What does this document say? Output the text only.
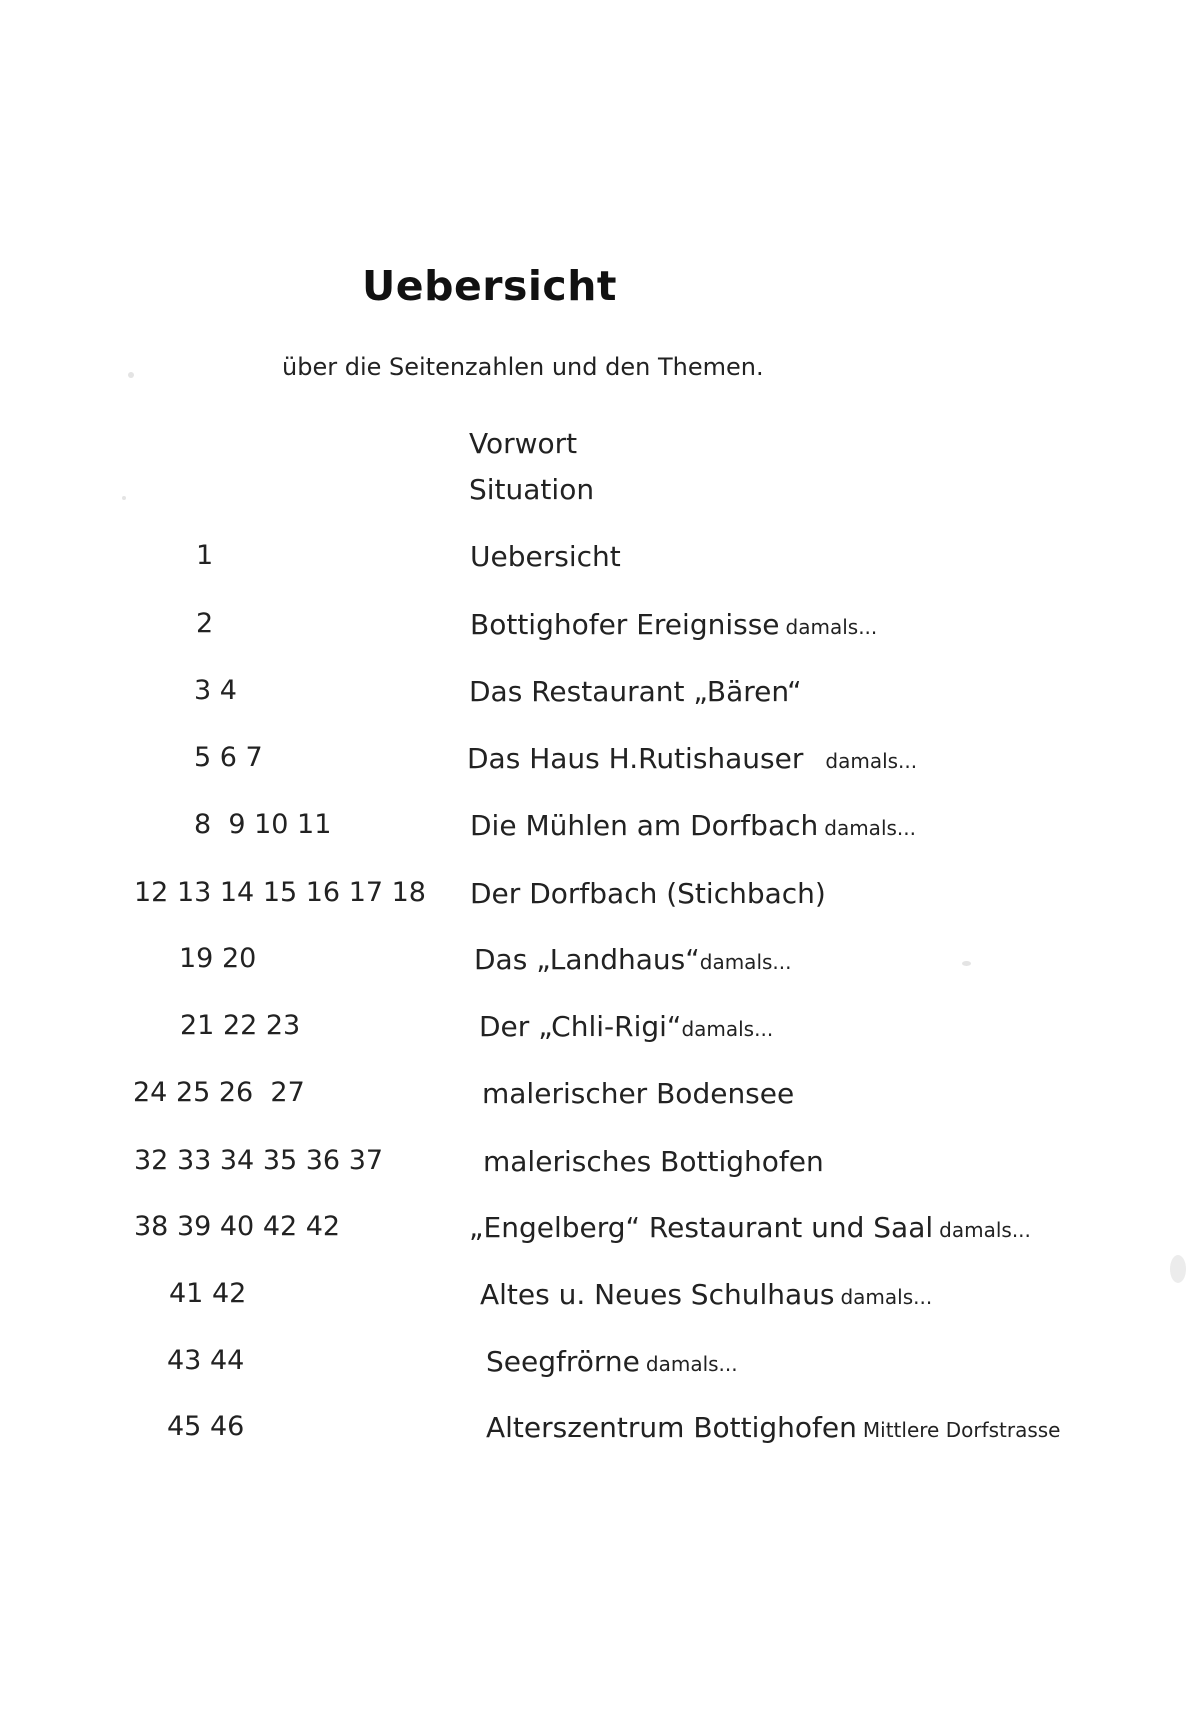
Uebersicht
über die Seitenzahlen und den Themen.
Vorwort
Situation
1	Uebersicht
2	Bottighofer Ereignisse damals...
3 4	Das Restaurant „Bären“
5 6 7	Das Haus H.Rutishauser damals...
8  9 10 11	Die Mühlen am Dorfbach damals...
12 13 14 15 16 17 18 Der Dorfbach (Stichbach)
19 20	Das „Landhaus“damals...
21 22 23	Der „Chli-Rigi“damals...
24 25 26  27	malerischer Bodensee
32 33 34 35 36 37	malerisches Bottighofen
38 39 40 42 42	„Engelberg“ Restaurant und Saal damals...
41 42	Altes u. Neues Schulhaus damals...
43 44	Seegfrörne damals...
45 46	Alterszentrum Bottighofen Mittlere Dorfstrasse
